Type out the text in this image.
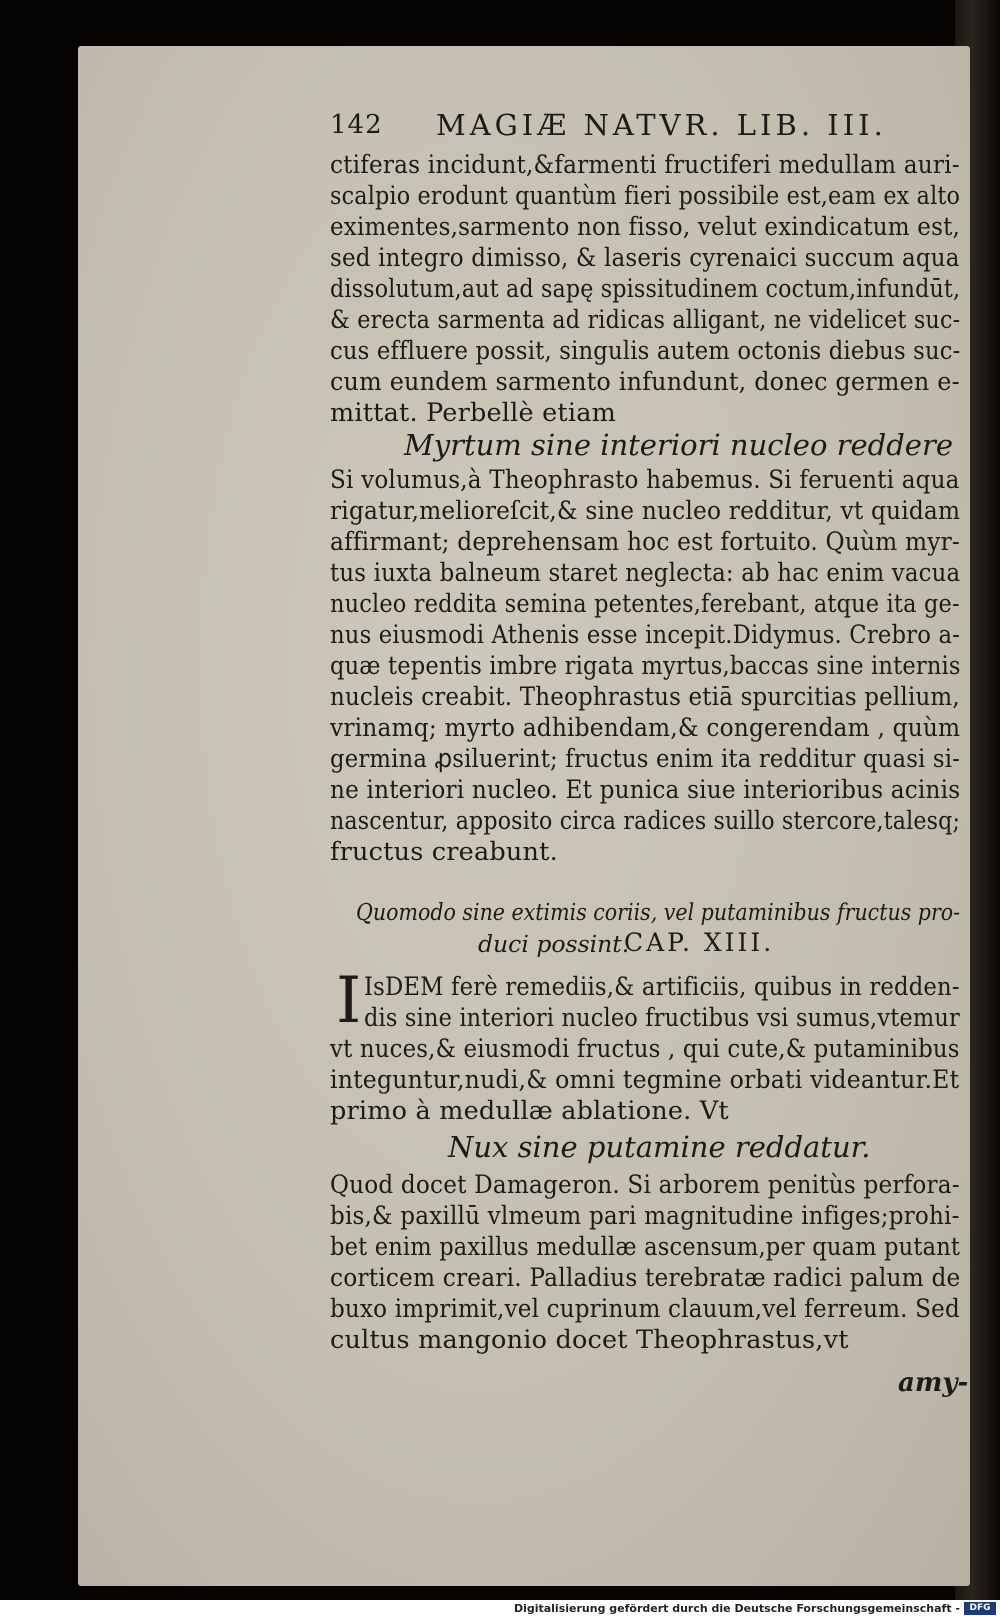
142 MAGIÆ NATVR. LIB. III.
ctiferas incidunt,&farmenti fructiferi medullam auri-
scalpio erodunt quantùm fieri possibile est,eam ex alto
eximentes,sarmento non fisso, velut exindicatum est,
sed integro dimisso, & laseris cyrenaici succum aqua
dissolutum,aut ad sapę spissitudinem coctum,infundūt,
& erecta sarmenta ad ridicas alligant, ne videlicet suc-
cus effluere possit, singulis autem octonis diebus suc-
cum eundem sarmento infundunt, donec germen e-
mittat. Perbellè etiam
Myrtum sine interiori nucleo reddere
Si volumus,à Theophrasto habemus. Si feruenti aqua
rigatur,melioreſcit,& sine nucleo redditur, vt quidam
affirmant; deprehensam hoc est fortuito. Quùm myr-
tus iuxta balneum staret neglecta: ab hac enim vacua
nucleo reddita semina petentes,ferebant, atque ita ge-
nus eiusmodi Athenis esse incepit.Didymus. Crebro a-
quæ tepentis imbre rigata myrtus,baccas sine internis
nucleis creabit. Theophrastus etiā spurcitias pellium,
vrinamq; myrto adhibendam,& congerendam , quùm
germina ꝓsiluerint; fructus enim ita redditur quasi si-
ne interiori nucleo. Et punica siue interioribus acinis
nascentur, apposito circa radices suillo stercore,talesq;
fructus creabunt.
Quomodo sine extimis coriis, vel putaminibus fructus pro-
duci possint.
CAP. XIII.
I IsDEM ferè remediis,& artificiis, quibus in redden-
dis sine interiori nucleo fructibus vsi sumus,vtemur
vt nuces,& eiusmodi fructus , qui cute,& putaminibus
integuntur,nudi,& omni tegmine orbati videantur.Et
primo à medullæ ablatione. Vt
Nux sine putamine reddatur.
Quod docet Damageron. Si arborem penitùs perfora-
bis,& paxillū vlmeum pari magnitudine infiges;prohi-
bet enim paxillus medullæ ascensum,per quam putant
corticem creari. Palladius terebratæ radici palum de
buxo imprimit,vel cuprinum clauum,vel ferreum. Sed
cultus mangonio docet Theophrastus,vt
amy-
Digitalisierung gefördert durch die Deutsche Forschungsgemeinschaft -	DFG
